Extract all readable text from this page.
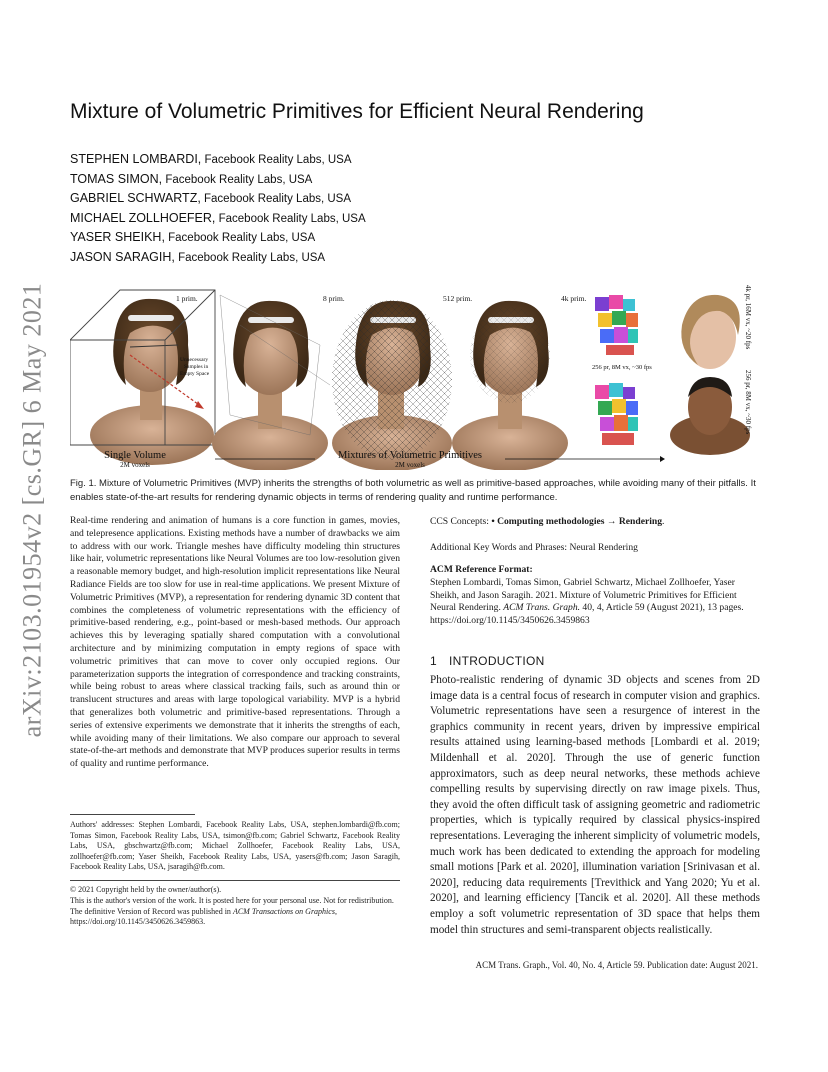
arXiv:2103.01954v2 [cs.GR] 6 May 2021
Mixture of Volumetric Primitives for Efficient Neural Rendering
STEPHEN LOMBARDI, Facebook Reality Labs, USA
TOMAS SIMON, Facebook Reality Labs, USA
GABRIEL SCHWARTZ, Facebook Reality Labs, USA
MICHAEL ZOLLHOEFER, Facebook Reality Labs, USA
YASER SHEIKH, Facebook Reality Labs, USA
JASON SARAGIH, Facebook Reality Labs, USA
1 prim.
Unnecessary
Samples in
Empty Space
8 prim.	512 prim.	4k prim.
256 pr, 8M vx, ~30 fps
4k pr, 16M vx, ~20 fps
256 pr, 8M vx, ~30 fps
Single Volume
2M voxels
Mixtures of Volumetric Primitives
2M voxels
Fig. 1. Mixture of Volumetric Primitives (MVP) inherits the strengths of both volumetric as well as primitive-based approaches, while avoiding many of their pitfalls. It enables state-of-the-art results for rendering dynamic objects in terms of rendering quality and runtime performance.
Real-time rendering and animation of humans is a core function in games, movies, and telepresence applications. Existing methods have a number of drawbacks we aim to address with our work. Triangle meshes have difficulty modeling thin structures like hair, volumetric representations like Neural Volumes are too low-resolution given a reasonable memory budget, and high-resolution implicit representations like Neural Radiance Fields are too slow for use in real-time applications. We present Mixture of Volumetric Primitives (MVP), a representation for rendering dynamic 3D content that combines the completeness of volumetric representations with the efficiency of primitive-based rendering, e.g., point-based or mesh-based methods. Our approach achieves this by leveraging spatially shared computation with a convolutional architecture and by minimizing computation in empty regions of space with volumetric primitives that can move to cover only occupied regions. Our parameterization supports the integration of correspondence and tracking constraints, while being robust to areas where classical tracking fails, such as around thin or translucent structures and areas with large topological variability. MVP is a hybrid that generalizes both volumetric and primitive-based representations. Through a series of extensive experiments we demonstrate that it inherits the strengths of each, while avoiding many of their limitations. We also compare our approach to several state-of-the-art methods and demonstrate that MVP produces superior results in terms of quality and runtime performance.
Authors' addresses: Stephen Lombardi, Facebook Reality Labs, USA, stephen.lombardi@fb.com; Tomas Simon, Facebook Reality Labs, USA, tsimon@fb.com; Gabriel Schwartz, Facebook Reality Labs, USA, gbschwartz@fb.com; Michael Zollhoefer, Facebook Reality Labs, USA, zollhoefer@fb.com; Yaser Sheikh, Facebook Reality Labs, USA, yasers@fb.com; Jason Saragih, Facebook Reality Labs, USA, jsaragih@fb.com.
© 2021 Copyright held by the owner/author(s).
This is the author's version of the work. It is posted here for your personal use. Not for redistribution. The definitive Version of Record was published in ACM Transactions on Graphics, https://doi.org/10.1145/3450626.3459863.
CCS Concepts: • Computing methodologies → Rendering.
Additional Key Words and Phrases: Neural Rendering
ACM Reference Format:
Stephen Lombardi, Tomas Simon, Gabriel Schwartz, Michael Zollhoefer, Yaser Sheikh, and Jason Saragih. 2021. Mixture of Volumetric Primitives for Efficient Neural Rendering. ACM Trans. Graph. 40, 4, Article 59 (August 2021), 13 pages. https://doi.org/10.1145/3450626.3459863
1 INTRODUCTION
Photo-realistic rendering of dynamic 3D objects and scenes from 2D image data is a central focus of research in computer vision and graphics. Volumetric representations have seen a resurgence of interest in the graphics community in recent years, driven by impressive empirical results attained using learning-based methods [Lombardi et al. 2019; Mildenhall et al. 2020]. Through the use of generic function approximators, such as deep neural networks, these methods achieve compelling results by supervising directly on raw image pixels. Thus, they avoid the often difficult task of assigning geometric and radiometric properties, which is typically required by classical physics-inspired representations. Leveraging the inherent simplicity of volumetric models, much work has been dedicated to extending the approach for modeling small motions [Park et al. 2020], illumination variation [Srinivasan et al. 2020], reducing data requirements [Trevithick and Yang 2020; Yu et al. 2020], and learning efficiency [Tancik et al. 2020]. All these methods employ a soft volumetric representation of 3D space that helps them model thin structures and semi-transparent objects realistically.
ACM Trans. Graph., Vol. 40, No. 4, Article 59. Publication date: August 2021.
